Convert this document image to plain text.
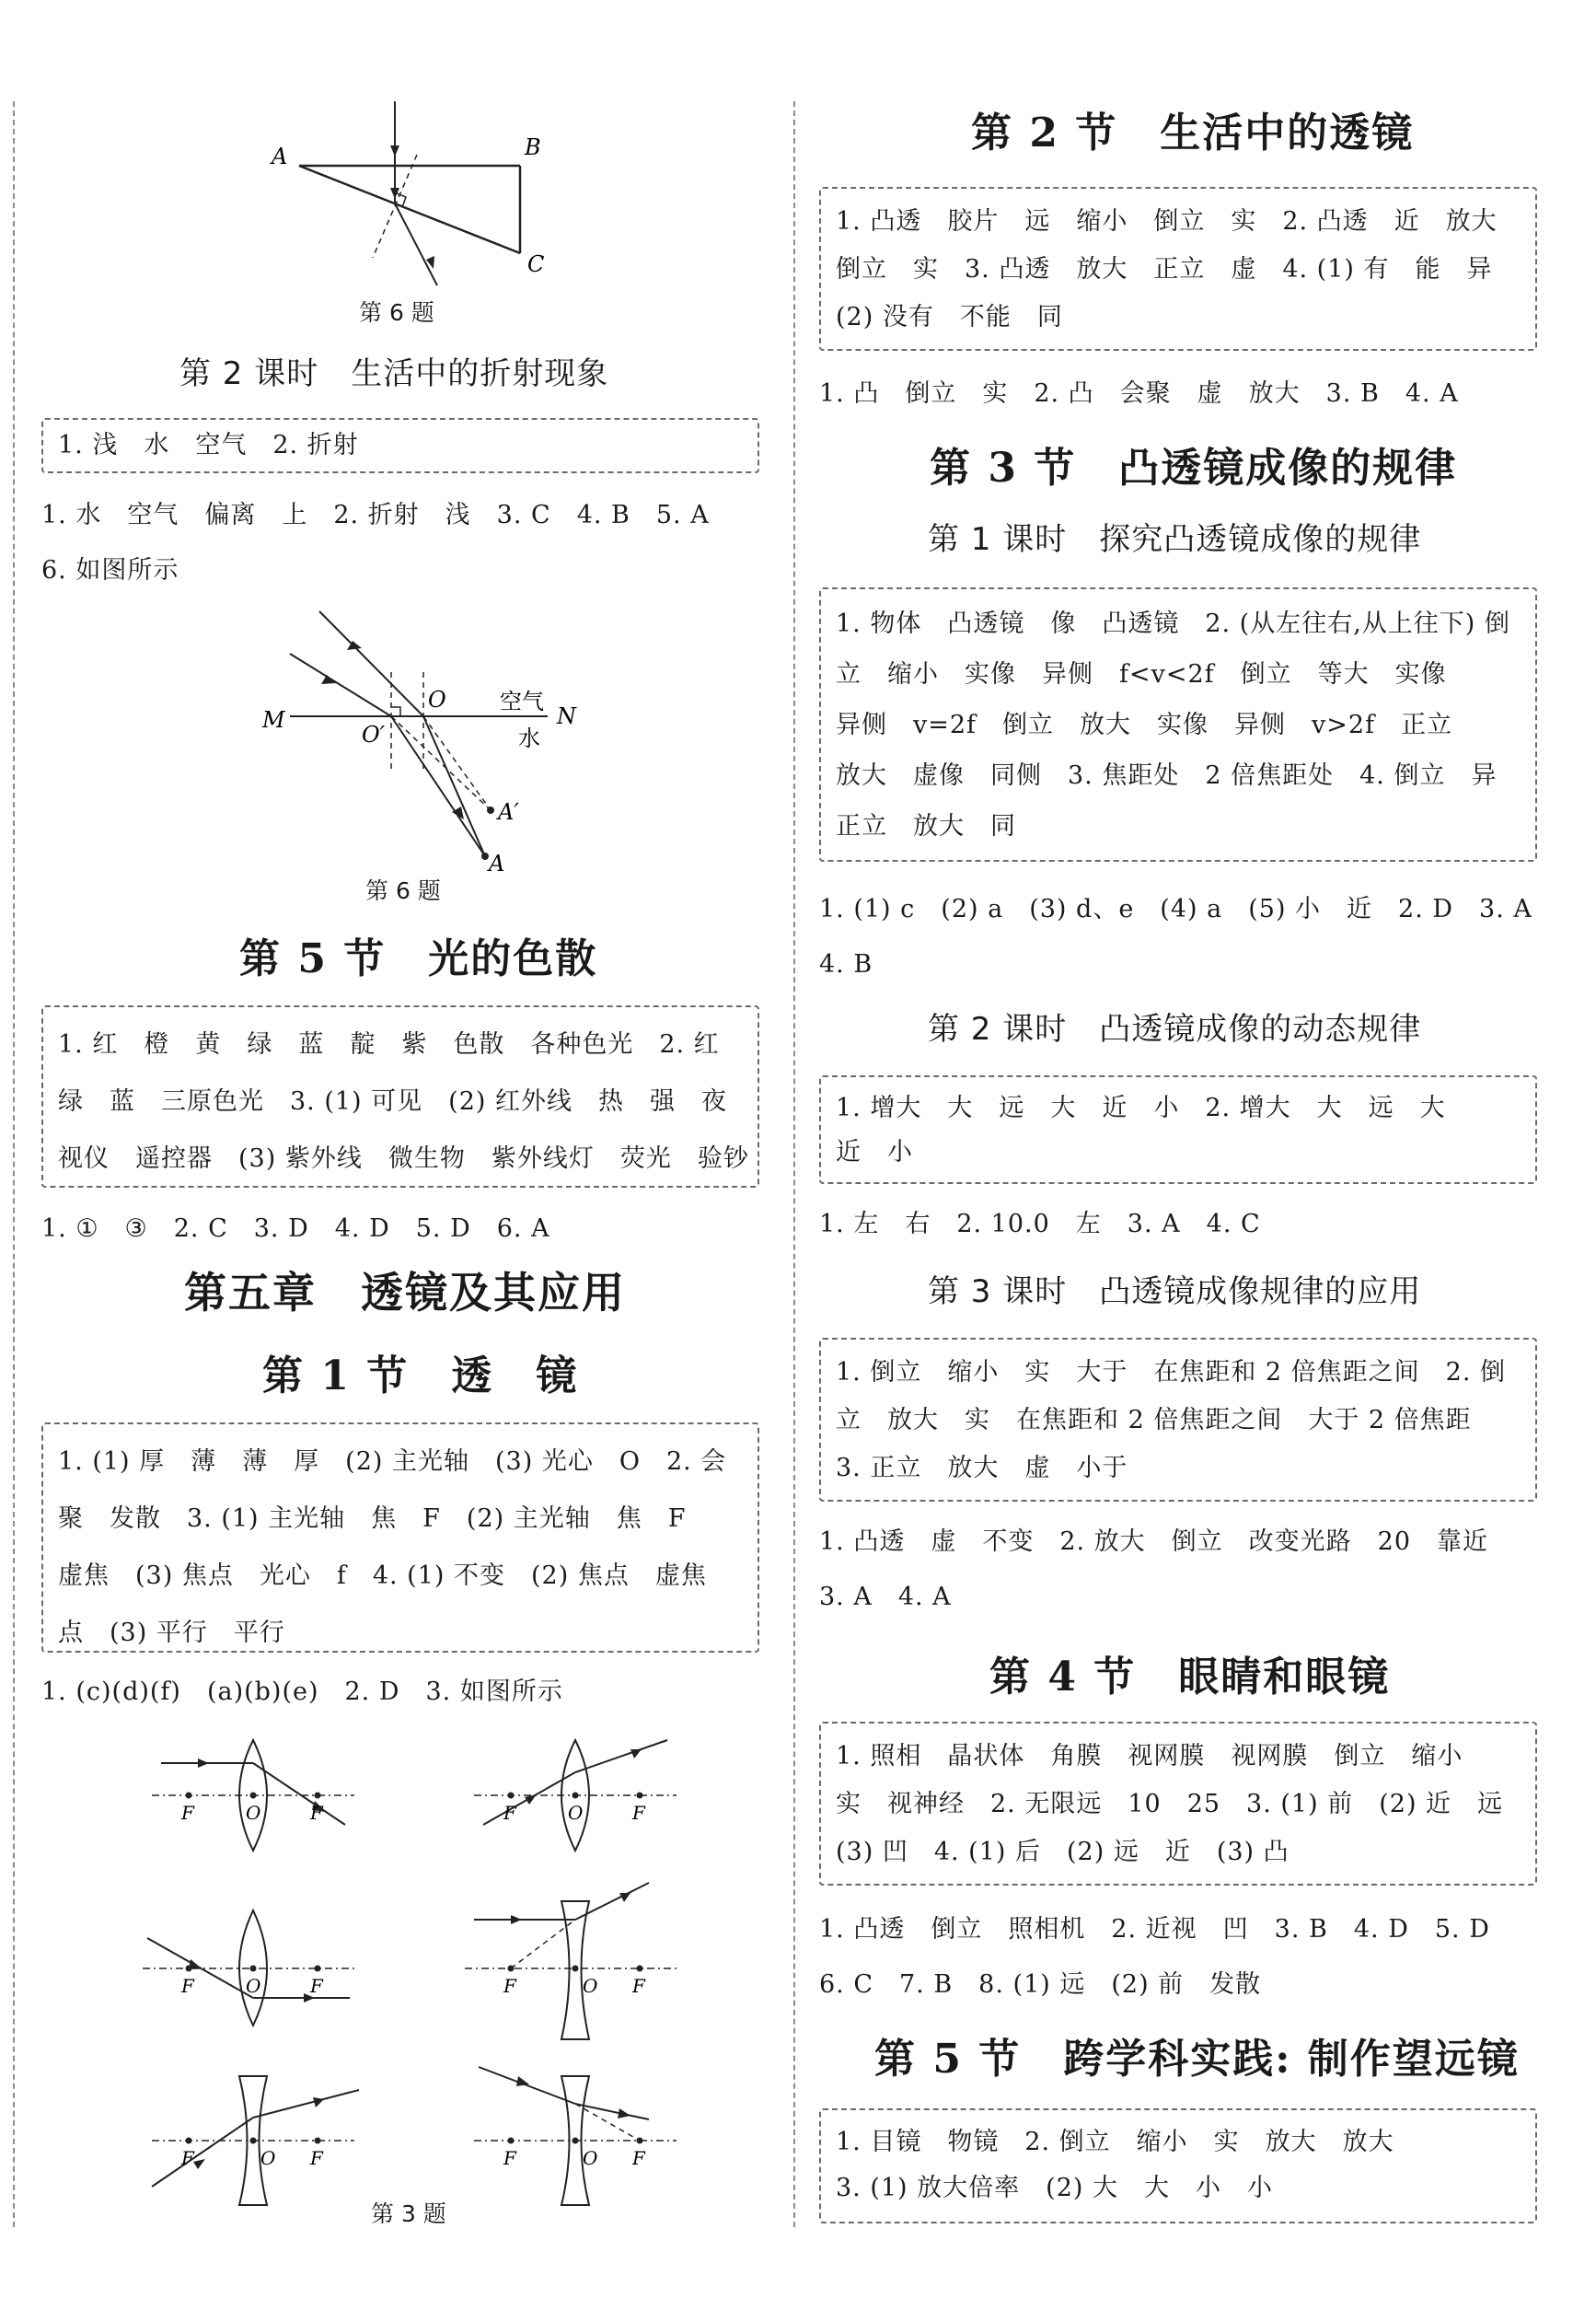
A	B
C
第 6 题
第 2 课时　生活中的折射现象
1. 浅　水　空气　2. 折射
1. 水　空气　偏离　上　2. 折射　浅　3. C　4. B　5. A
6. 如图所示
M	N
O
O′
A′
A
空气
水
第 6 题
第 5 节　光的色散
1. 红　橙　黄　绿　蓝　靛　紫　色散　各种色光　2. 红
绿　蓝　三原色光　3. (1) 可见　(2) 红外线　热　强　夜
视仪　遥控器　(3) 紫外线　微生物　紫外线灯　荧光　验钞
1. ①　③　2. C　3. D　4. D　5. D　6. A
第五章　透镜及其应用
第 1 节　透　镜
1. (1) 厚　薄　薄　厚　(2) 主光轴　(3) 光心　O　2. 会
聚　发散　3. (1) 主光轴　焦　F　(2) 主光轴　焦　F
虚焦　(3) 焦点　光心　f　4. (1) 不变　(2) 焦点　虚焦
点　(3) 平行　平行
1. (c)(d)(f)　(a)(b)(e)　2. D　3. 如图所示
F	O	F	F	O	F
F	O	F	F	O F
F	O F	F	O F
第 3 题
第 2 节　生活中的透镜
1. 凸透　胶片　远　缩小　倒立　实　2. 凸透　近　放大
倒立　实　3. 凸透　放大　正立　虚　4. (1) 有　能　异
(2) 没有　不能　同
1. 凸　倒立　实　2. 凸　会聚　虚　放大　3. B　4. A
第 3 节　凸透镜成像的规律
第 1 课时　探究凸透镜成像的规律
1. 物体　凸透镜　像　凸透镜　2. (从左往右,从上往下) 倒
立　缩小　实像　异侧　f<v<2f　倒立　等大　实像
异侧　v=2f　倒立　放大　实像　异侧　v>2f　正立
放大　虚像　同侧　3. 焦距处　2 倍焦距处　4. 倒立　异
正立　放大　同
1. (1) c　(2) a　(3) d、e　(4) a　(5) 小　近　2. D　3. A
4. B
第 2 课时　凸透镜成像的动态规律
1. 增大　大　远　大　近　小　2. 增大　大　远　大
近　小
1. 左　右　2. 10.0　左　3. A　4. C
第 3 课时　凸透镜成像规律的应用
1. 倒立　缩小　实　大于　在焦距和 2 倍焦距之间　2. 倒
立　放大　实　在焦距和 2 倍焦距之间　大于 2 倍焦距
3. 正立　放大　虚　小于
1. 凸透　虚　不变　2. 放大　倒立　改变光路　20　靠近
3. A　4. A
第 4 节　眼睛和眼镜
1. 照相　晶状体　角膜　视网膜　视网膜　倒立　缩小
实　视神经　2. 无限远　10　25　3. (1) 前　(2) 近　远
(3) 凹　4. (1) 后　(2) 远　近　(3) 凸
1. 凸透　倒立　照相机　2. 近视　凹　3. B　4. D　5. D
6. C　7. B　8. (1) 远　(2) 前　发散
第 5 节　跨学科实践: 制作望远镜
1. 目镜　物镜　2. 倒立　缩小　实　放大　放大
3. (1) 放大倍率　(2) 大　大　小　小
